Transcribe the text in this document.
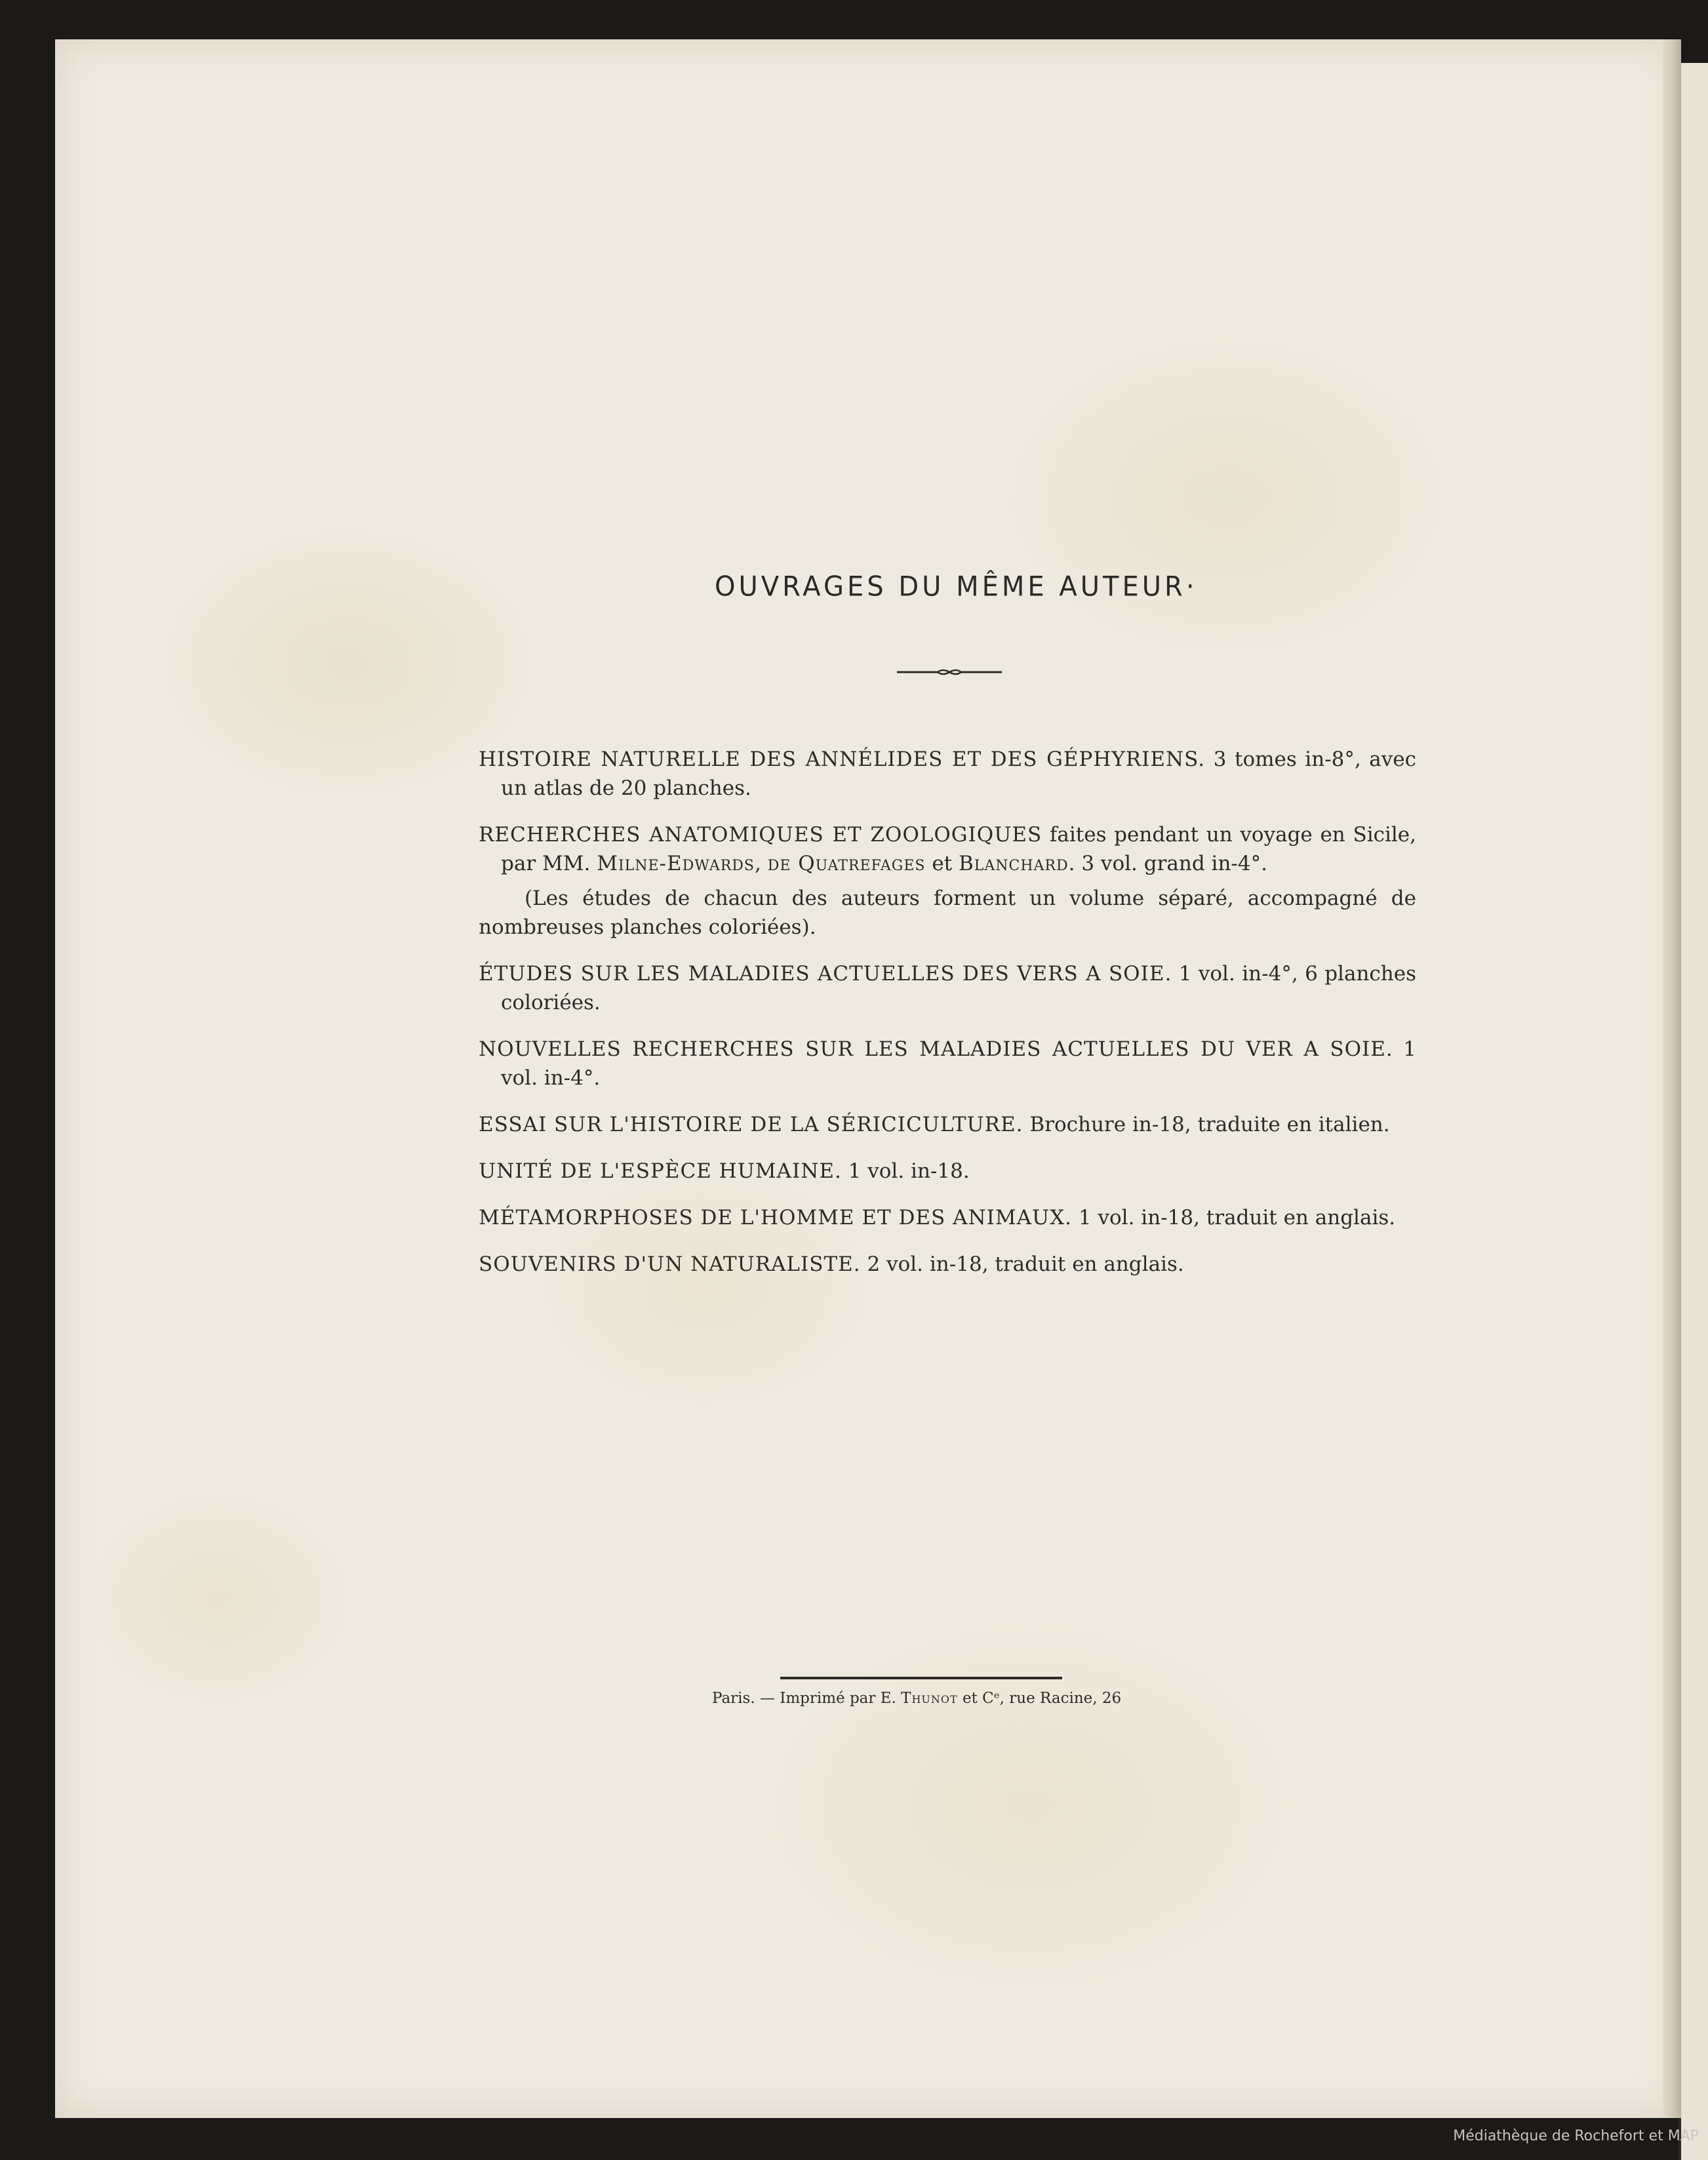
OUVRAGES DU MÊME AUTEUR·

HISTOIRE NATURELLE DES ANNÉLIDES ET DES GÉPHYRIENS. 3 tomes in-8°, avec un atlas de 20 planches.

RECHERCHES ANATOMIQUES ET ZOOLOGIQUES faites pendant un voyage en Sicile, par MM. Milne-Edwards, de Quatrefages et Blanchard. 3 vol. grand in-4°.

(Les études de chacun des auteurs forment un volume séparé, accompagné de nombreuses planches coloriées).

ÉTUDES SUR LES MALADIES ACTUELLES DES VERS A SOIE. 1 vol. in-4°, 6 planches coloriées.

NOUVELLES RECHERCHES SUR LES MALADIES ACTUELLES DU VER A SOIE. 1 vol. in-4°.

ESSAI SUR L'HISTOIRE DE LA SÉRICICULTURE. Brochure in-18, traduite en italien.

UNITÉ DE L'ESPÈCE HUMAINE. 1 vol. in-18.

MÉTAMORPHOSES DE L'HOMME ET DES ANIMAUX. 1 vol. in-18, traduit en anglais.

SOUVENIRS D'UN NATURALISTE. 2 vol. in-18, traduit en anglais.

Paris. — Imprimé par E. Thunot et Cᵉ, rue Racine, 26
Médiathèque de Rochefort et MAP
